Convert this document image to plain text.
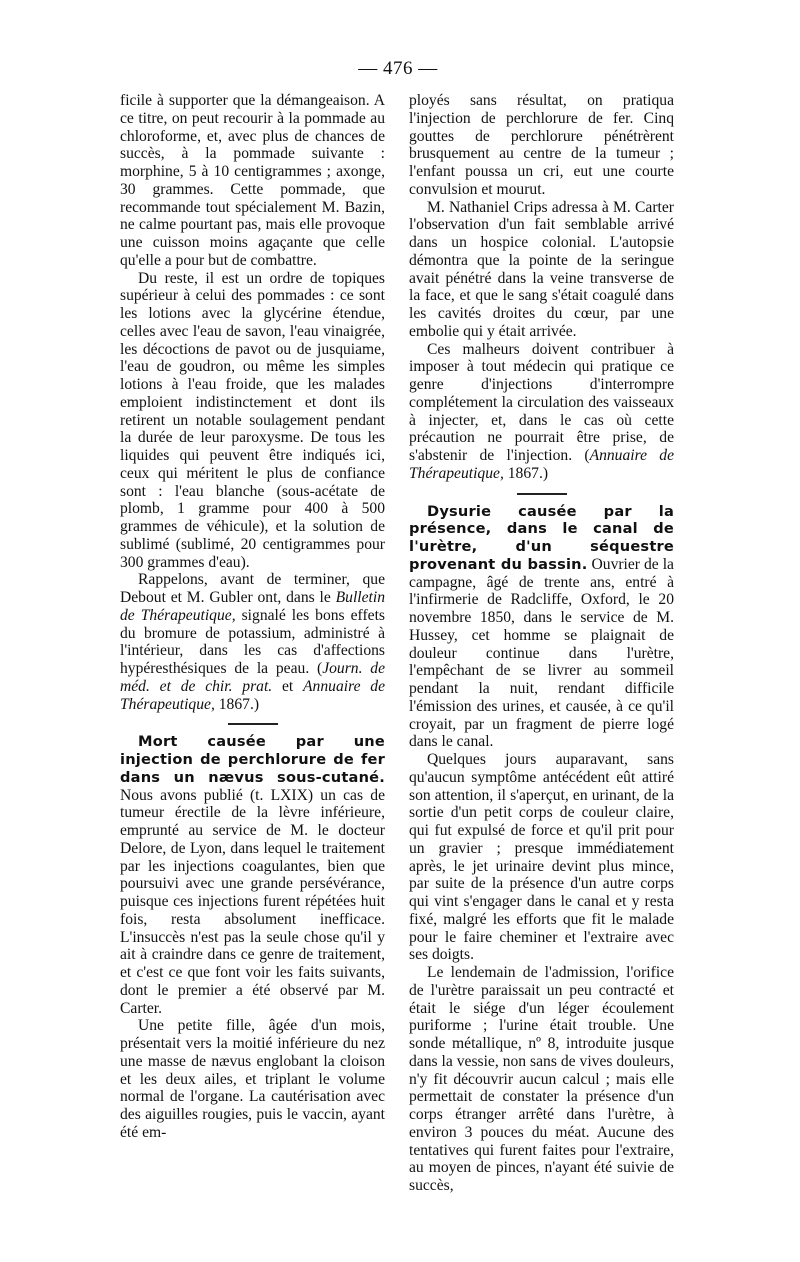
— 476 —

ficile à supporter que la démangeaison. A ce titre, on peut recourir à la pommade au chloroforme, et, avec plus de chances de succès, à la pommade suivante : morphine, 5 à 10 centigrammes ; axonge, 30 grammes. Cette pommade, que recommande tout spécialement M. Bazin, ne calme pourtant pas, mais elle provoque une cuisson moins agaçante que celle qu'elle a pour but de combattre.

Du reste, il est un ordre de topiques supérieur à celui des pommades : ce sont les lotions avec la glycérine étendue, celles avec l'eau de savon, l'eau vinaigrée, les décoctions de pavot ou de jusquiame, l'eau de goudron, ou même les simples lotions à l'eau froide, que les malades emploient indistinctement et dont ils retirent un notable soulagement pendant la durée de leur paroxysme. De tous les liquides qui peuvent être indiqués ici, ceux qui méritent le plus de confiance sont : l'eau blanche (sous-acétate de plomb, 1 gramme pour 400 à 500 grammes de véhicule), et la solution de sublimé (sublimé, 20 centigrammes pour 300 grammes d'eau).

Rappelons, avant de terminer, que Debout et M. Gubler ont, dans le Bulletin de Thérapeutique, signalé les bons effets du bromure de potassium, administré à l'intérieur, dans les cas d'affections hypéresthésiques de la peau. (Journ. de méd. et de chir. prat. et Annuaire de Thérapeutique, 1867.)

Mort causée par une injection de perchlorure de fer dans un nævus sous-cutané. Nous avons publié (t. LXIX) un cas de tumeur érectile de la lèvre inférieure, emprunté au service de M. le docteur Delore, de Lyon, dans lequel le traitement par les injections coagulantes, bien que poursuivi avec une grande persévérance, puisque ces injections furent répétées huit fois, resta absolument inefficace. L'insuccès n'est pas la seule chose qu'il y ait à craindre dans ce genre de traitement, et c'est ce que font voir les faits suivants, dont le premier a été observé par M. Carter.

Une petite fille, âgée d'un mois, présentait vers la moitié inférieure du nez une masse de nævus englobant la cloison et les deux ailes, et triplant le volume normal de l'organe. La cautérisation avec des aiguilles rougies, puis le vaccin, ayant été em-

ployés sans résultat, on pratiqua l'injection de perchlorure de fer. Cinq gouttes de perchlorure pénétrèrent brusquement au centre de la tumeur ; l'enfant poussa un cri, eut une courte convulsion et mourut.

M. Nathaniel Crips adressa à M. Carter l'observation d'un fait semblable arrivé dans un hospice colonial. L'autopsie démontra que la pointe de la seringue avait pénétré dans la veine transverse de la face, et que le sang s'était coagulé dans les cavités droites du cœur, par une embolie qui y était arrivée.

Ces malheurs doivent contribuer à imposer à tout médecin qui pratique ce genre d'injections d'interrompre complétement la circulation des vaisseaux à injecter, et, dans le cas où cette précaution ne pourrait être prise, de s'abstenir de l'injection. (Annuaire de Thérapeutique, 1867.)

Dysurie causée par la présence, dans le canal de l'urètre, d'un séquestre provenant du bassin. Ouvrier de la campagne, âgé de trente ans, entré à l'infirmerie de Radcliffe, Oxford, le 20 novembre 1850, dans le service de M. Hussey, cet homme se plaignait de douleur continue dans l'urètre, l'empêchant de se livrer au sommeil pendant la nuit, rendant difficile l'émission des urines, et causée, à ce qu'il croyait, par un fragment de pierre logé dans le canal.

Quelques jours auparavant, sans qu'aucun symptôme antécédent eût attiré son attention, il s'aperçut, en urinant, de la sortie d'un petit corps de couleur claire, qui fut expulsé de force et qu'il prit pour un gravier ; presque immédiatement après, le jet urinaire devint plus mince, par suite de la présence d'un autre corps qui vint s'engager dans le canal et y resta fixé, malgré les efforts que fit le malade pour le faire cheminer et l'extraire avec ses doigts.

Le lendemain de l'admission, l'orifice de l'urètre paraissait un peu contracté et était le siége d'un léger écoulement puriforme ; l'urine était trouble. Une sonde métallique, nº 8, introduite jusque dans la vessie, non sans de vives douleurs, n'y fit découvrir aucun calcul ; mais elle permettait de constater la présence d'un corps étranger arrêté dans l'urètre, à environ 3 pouces du méat. Aucune des tentatives qui furent faites pour l'extraire, au moyen de pinces, n'ayant été suivie de succès,
